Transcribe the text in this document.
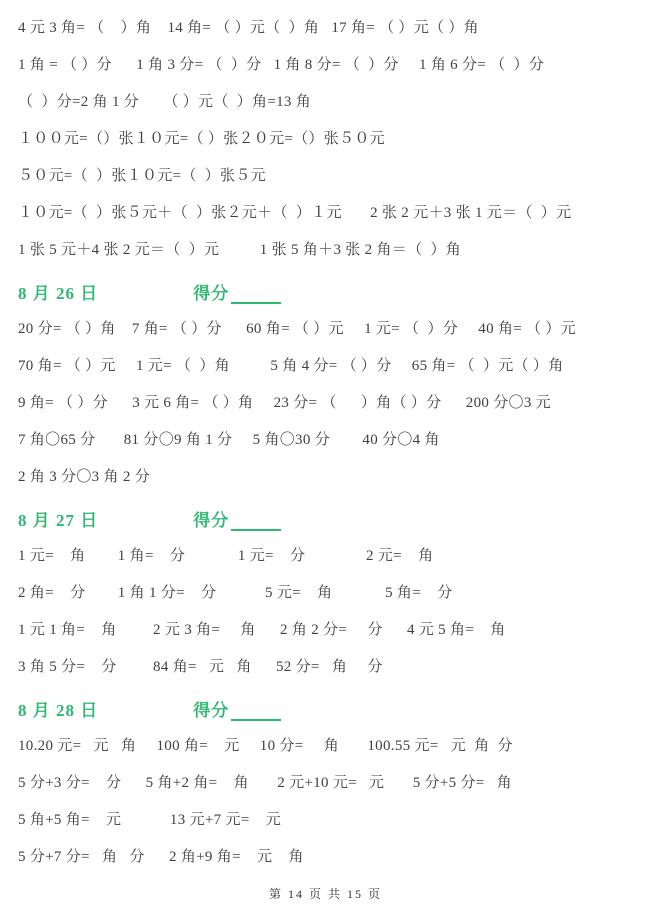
4 元 3 角= （    ）角    14 角= （ ）元（  ）角   17 角= （ ）元（ ）角
1 角 = （ ）分      1 角 3 分= （  ）分   1 角 8 分= （  ）分     1 角 6 分= （  ）分
（  ）分=2 角 1 分      （ ）元（  ）角=13 角
１００元=（）张１０元=（ ）张２０元=（）张５０元
５０元=（  ）张１０元=（  ）张５元
１０元=（  ）张５元＋（  ）张２元＋（  ）１元       2 张 2 元＋3 张 1 元＝（  ）元
1 张 5 元＋4 张 2 元＝（  ）元          1 张 5 角＋3 张 2 角＝（  ）角
8 月 26 日	得分
20 分= （ ）角    7 角= （ ）分      60 角= （ ）元     1 元= （  ）分     40 角= （ ）元
70 角= （ ）元     1 元= （  ）角          5 角 4 分= （ ）分     65 角= （  ）元（ ）角
9 角= （ ）分      3 元 6 角= （ ）角     23 分= （      ）角（ ）分      200 分〇3 元
7 角〇65 分       81 分〇9 角 1 分     5 角〇30 分        40 分〇4 角
2 角 3 分〇3 角 2 分
8 月 27 日	得分
1 元=    角        1 角=    分             1 元=    分               2 元=    角
2 角=    分        1 角 1 分=    分            5 元=    角             5 角=    分
1 元 1 角=    角         2 元 3 角=     角      2 角 2 分=     分      4 元 5 角=    角
3 角 5 分=    分         84 角=   元   角      52 分=   角     分
8 月 28 日	得分
10.20 元=   元   角     100 角=    元     10 分=     角       100.55 元=   元  角  分
5 分+3 分=    分      5 角+2 角=    角       2 元+10 元=   元       5 分+5 分=   角
5 角+5 角=    元            13 元+7 元=    元
5 分+7 分=   角   分      2 角+9 角=    元    角
第 14 页 共 15 页
